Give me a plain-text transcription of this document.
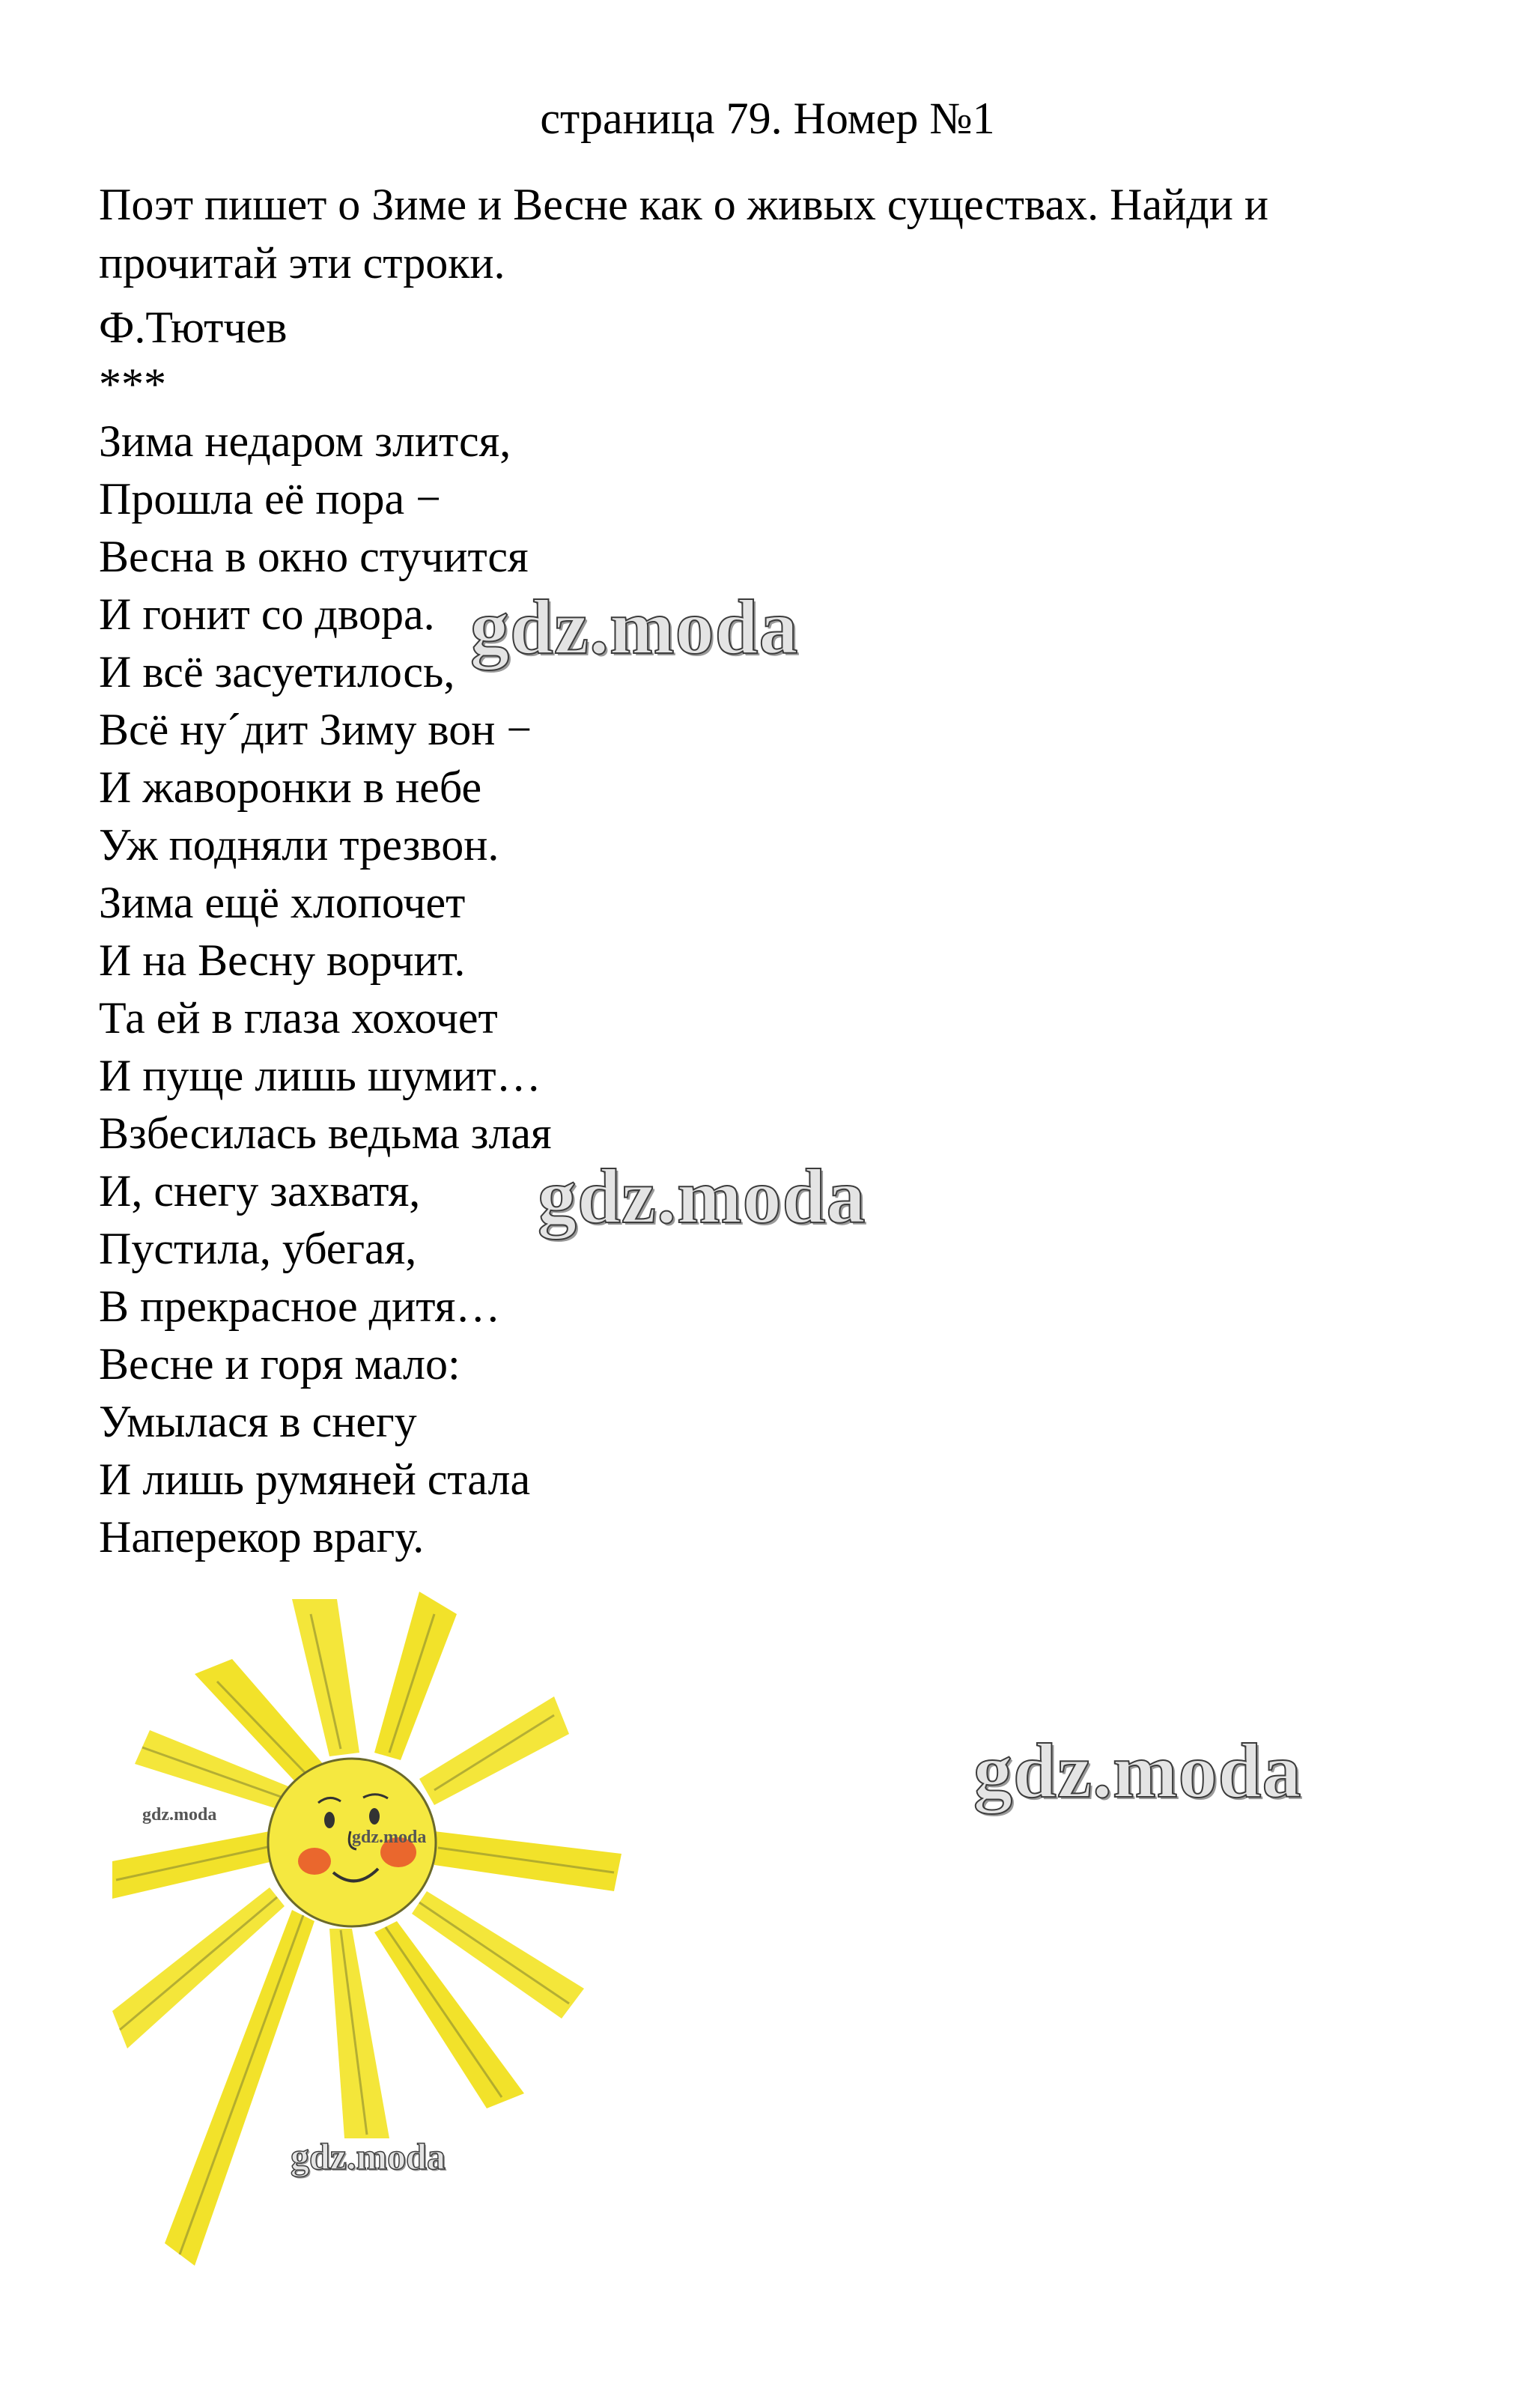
страница 79. Номер №1
Поэт пишет о Зиме и Весне как о живых существах. Найди и
прочитай эти строки.
Ф.Тютчев
***
Зима недаром злится,
Прошла её пора −
Весна в окно стучится
И гонит со двора.
И всё засуетилось,
Всё ну´дит Зиму вон −
И жаворонки в небе
Уж подняли трезвон.
Зима ещё хлопочет
И на Весну ворчит.
Та ей в глаза хохочет
И пуще лишь шумит…
Взбесилась ведьма злая
И, снегу захватя,
Пустила, убегая,
В прекрасное дитя…
Весне и горя мало:
Умылася в снегу
И лишь румяней стала
Наперекор врагу.
gdz.moda
gdz.moda
gdz.moda
gdz.moda
gdz.moda
gdz.moda
